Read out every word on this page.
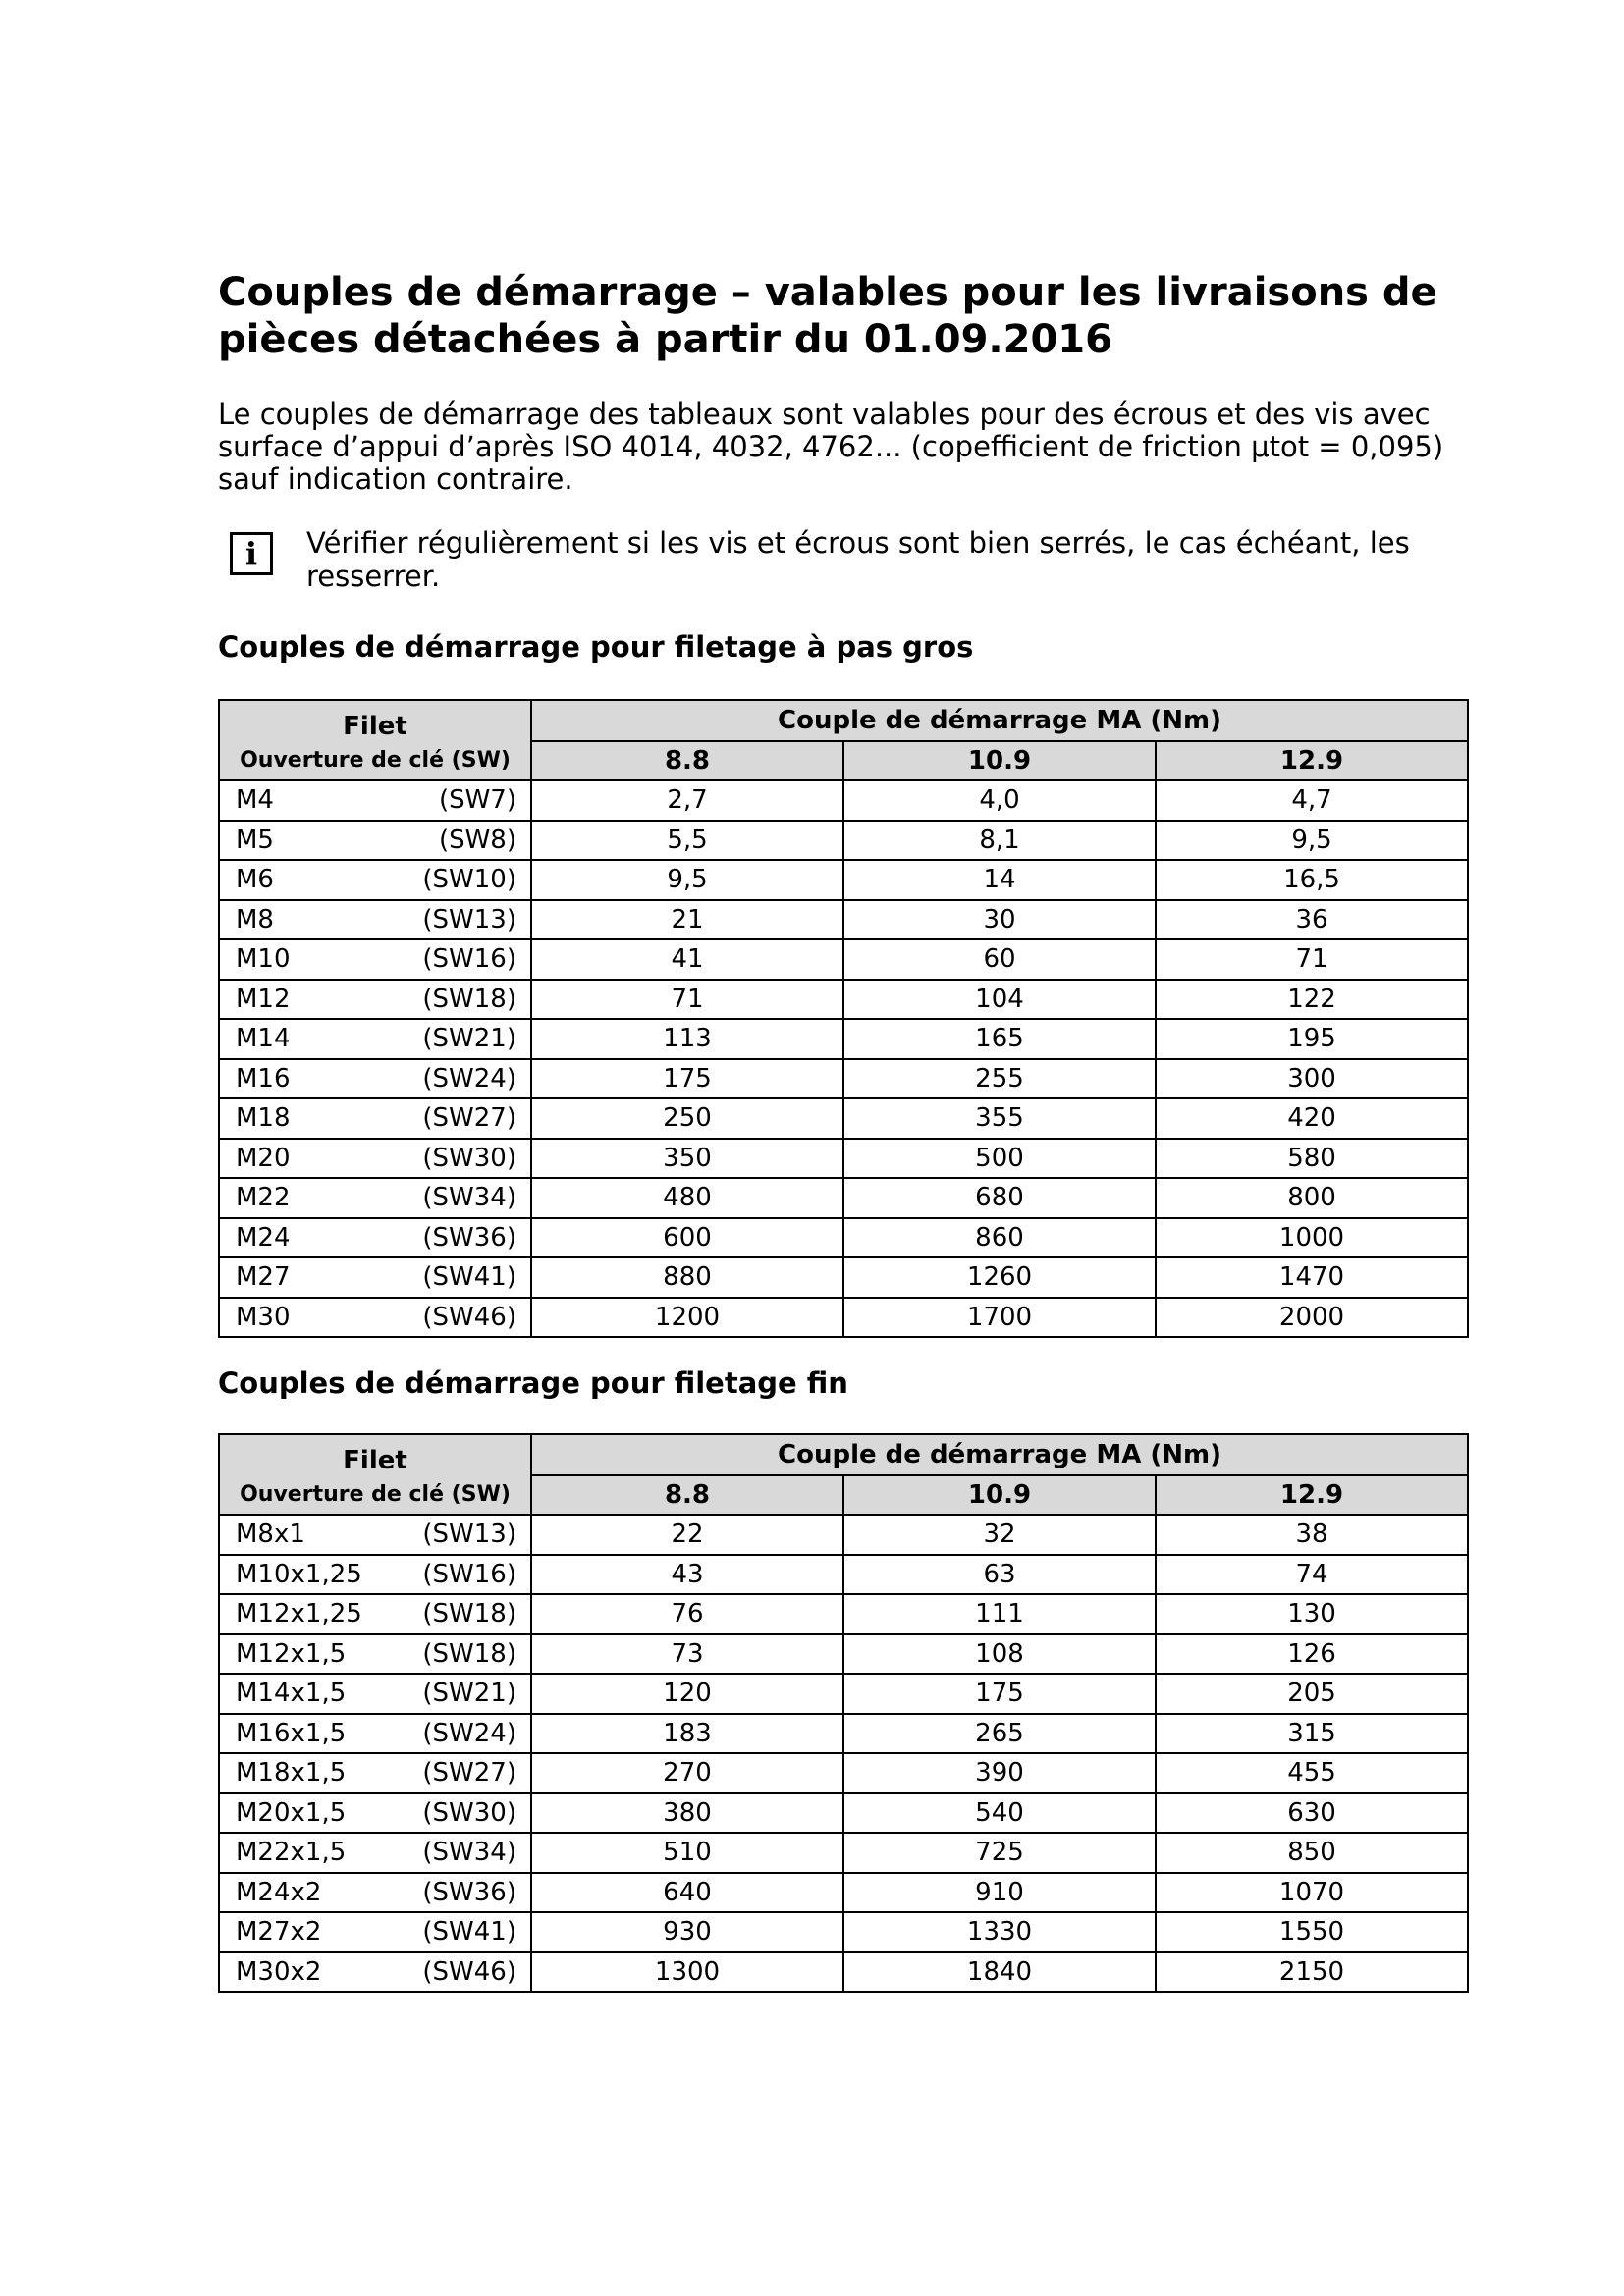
Couples de démarrage – valables pour les livraisons de pièces détachées à partir du 01.09.2016

Le couples de démarrage des tableaux sont valables pour des écrous et des vis avec surface d’appui d’après ISO 4014, 4032, 4762... (copefficient de friction μtot = 0,095) sauf indication contraire.

i	Vérifier régulièrement si les vis et écrous sont bien serrés, le cas échéant, les resserrer.

Couples de démarrage pour filetage à pas gros
Filet	Couple de démarrage MA (Nm)		
Ouverture de clé (SW)	8.8	10.9	12.9

M4 (SW7)	2,7	4,0	4,7

M5 (SW8)	5,5	8,1	9,5

M6 (SW10)	9,5	14	16,5

M8 (SW13)	21	30	36

M10 (SW16)	41	60	71

M12 (SW18)	71	104	122

M14 (SW21)	113	165	195

M16 (SW24)	175	255	300

M18 (SW27)	250	355	420

M20 (SW30)	350	500	580

M22 (SW34)	480	680	800

M24 (SW36)	600	860	1000

M27 (SW41)	880	1260	1470

M30 (SW46)	1200	1700	2000
Couples de démarrage pour filetage fin
Filet	Couple de démarrage MA (Nm)		
Ouverture de clé (SW)	8.8	10.9	12.9

M8x1 (SW13)	22	32	38

M10x1,25 (SW16)	43	63	74

M12x1,25 (SW18)	76	111	130

M12x1,5 (SW18)	73	108	126

M14x1,5 (SW21)	120	175	205

M16x1,5 (SW24)	183	265	315

M18x1,5 (SW27)	270	390	455

M20x1,5 (SW30)	380	540	630

M22x1,5 (SW34)	510	725	850

M24x2 (SW36)	640	910	1070

M27x2 (SW41)	930	1330	1550

M30x2 (SW46)	1300	1840	2150
